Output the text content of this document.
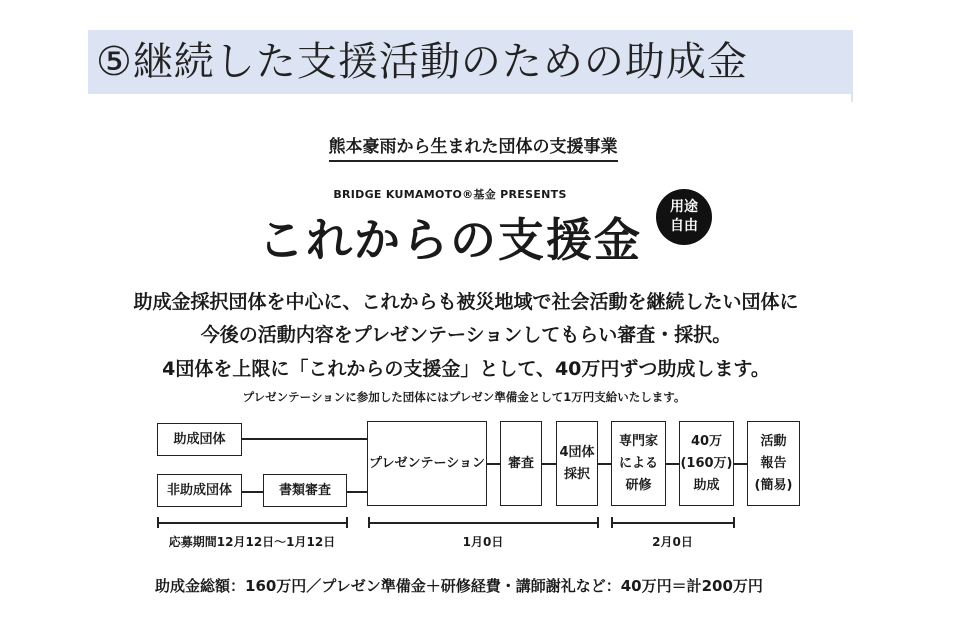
⑤継続した支援活動のための助成金
熊本豪雨から生まれた団体の支援事業
BRIDGE KUMAMOTO®基金 PRESENTS
これからの支援金
用途
自由
助成金採択団体を中心に、これからも被災地域で社会活動を継続したい団体に
今後の活動内容をプレゼンテーションしてもらい審査・採択。
4団体を上限に「これからの支援金」として、40万円ずつ助成します。
プレゼンテーションに参加した団体にはプレゼン準備金として1万円支給いたします。
助成団体
非助成団体	書類審査
プレゼンテーション 審査
4団体
採択
専門家
による
研修
40万
(160万)
助成
活動
報告
(簡易)
応募期間12月12日～1月12日	1月0日	2月0日
助成金総額：160万円／プレゼン準備金＋研修経費・講師謝礼など：40万円＝計200万円
